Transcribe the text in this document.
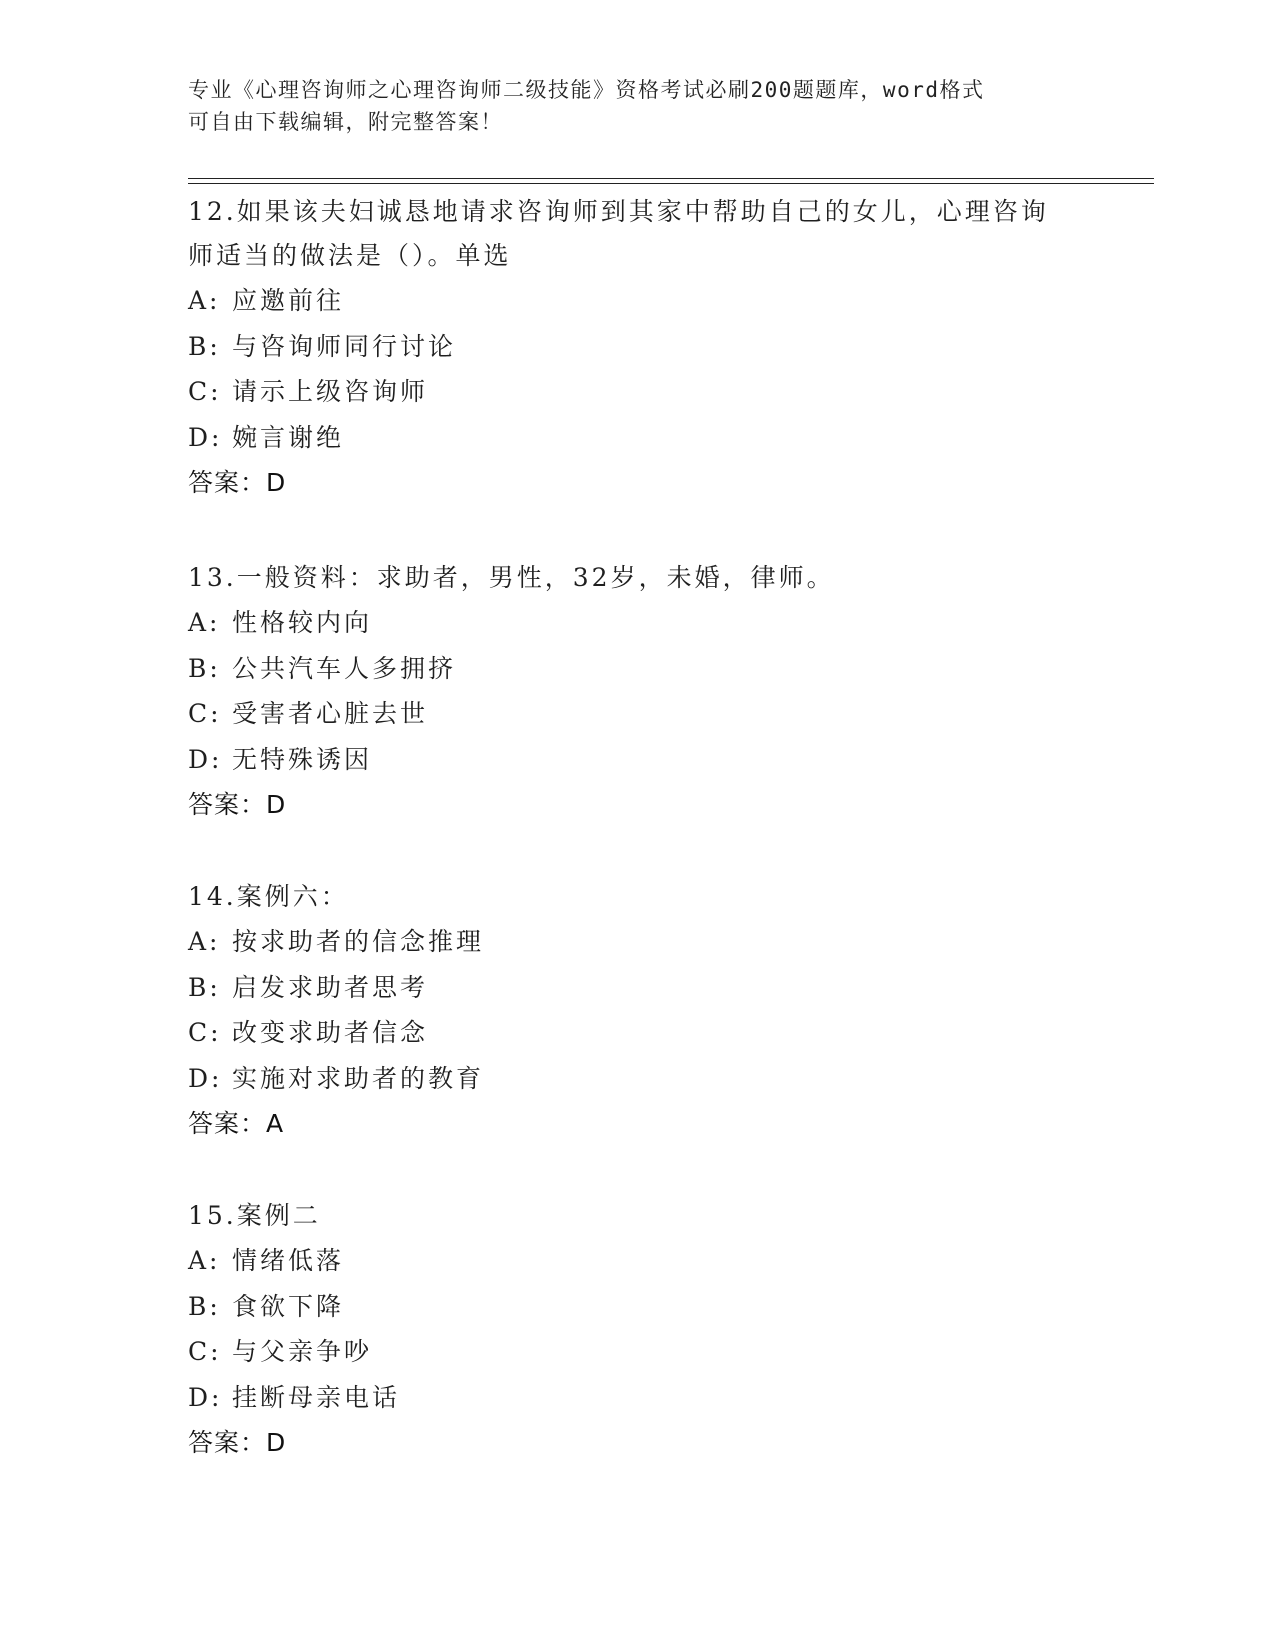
专业《心理咨询师之心理咨询师二级技能》资格考试必刷200题题库，word格式
可自由下载编辑，附完整答案！

12.如果该夫妇诚恳地请求咨询师到其家中帮助自己的女儿，心理咨询

师适当的做法是（）。单选

A: 应邀前往

B: 与咨询师同行讨论

C: 请示上级咨询师

D: 婉言谢绝

答案：D

13.一般资料：求助者，男性，32岁，未婚，律师。

A: 性格较内向

B: 公共汽车人多拥挤

C: 受害者心脏去世

D: 无特殊诱因

答案：D

14.案例六：

A: 按求助者的信念推理

B: 启发求助者思考

C: 改变求助者信念

D: 实施对求助者的教育

答案：A

15.案例二

A: 情绪低落

B: 食欲下降

C: 与父亲争吵

D: 挂断母亲电话

答案：D
